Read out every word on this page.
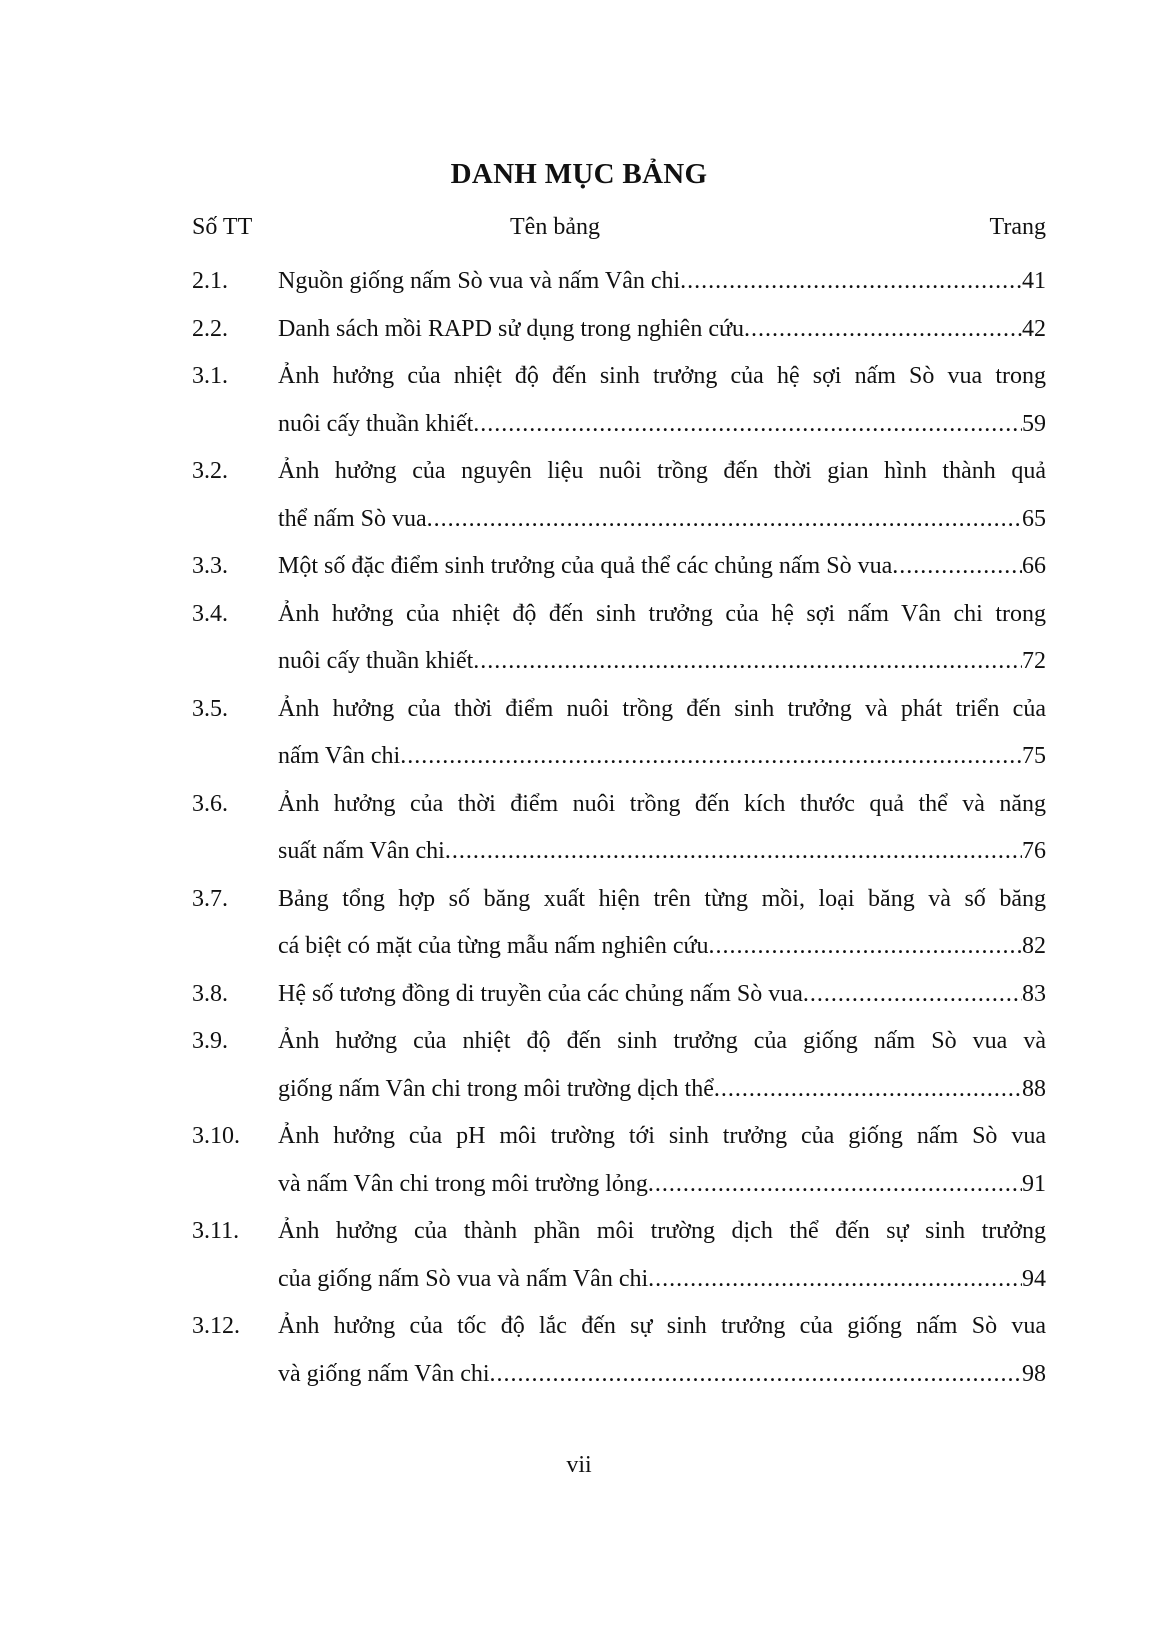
DANH MỤC BẢNG
Số TT	Tên bảng	Trang
2.1. Nguồn giống nấm Sò vua và nấm Vân chi .....	41
2.2. Danh sách mồi RAPD sử dụng trong nghiên cứu .....	42
3.1. Ảnh hưởng của nhiệt độ đến sinh trưởng của hệ sợi nấm Sò vua trong
nuôi cấy thuần khiết .....	59
3.2. Ảnh hưởng của nguyên liệu nuôi trồng đến thời gian hình thành quả
thể nấm Sò vua .....	65
3.3. Một số đặc điểm sinh trưởng của quả thể các chủng nấm Sò vua .....	66
3.4. Ảnh hưởng của nhiệt độ đến sinh trưởng của hệ sợi nấm Vân chi trong
nuôi cấy thuần khiết .....	72
3.5. Ảnh hưởng của thời điểm nuôi trồng đến sinh trưởng và phát triển của
nấm Vân chi .....	75
3.6. Ảnh hưởng của thời điểm nuôi trồng đến kích thước quả thể và năng
suất nấm Vân chi .....	76
3.7. Bảng tổng hợp số băng xuất hiện trên từng mồi, loại băng và số băng
cá biệt có mặt của từng mẫu nấm nghiên cứu .....	82
3.8. Hệ số tương đồng di truyền của các chủng nấm Sò vua .....	83
3.9. Ảnh hưởng của nhiệt độ đến sinh trưởng của giống nấm Sò vua và
giống nấm Vân chi trong môi trường dịch thể .....	88
3.10. Ảnh hưởng của pH môi trường tới sinh trưởng của giống nấm Sò vua
và nấm Vân chi trong môi trường lỏng .....	91
3.11. Ảnh hưởng của thành phần môi trường dịch thể đến sự sinh trưởng
của giống nấm Sò vua và nấm Vân chi .....	94
3.12. Ảnh hưởng của tốc độ lắc đến sự sinh trưởng của giống nấm Sò vua
và giống nấm Vân chi .....	98
vii
